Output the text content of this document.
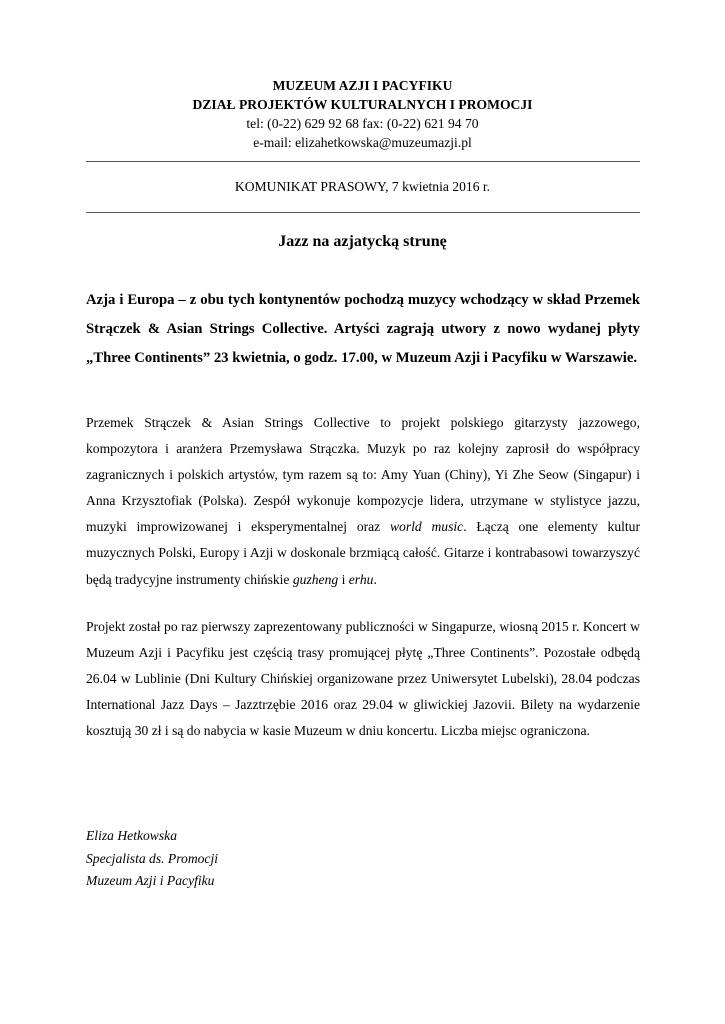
MUZEUM AZJI I PACYFIKU
DZIAŁ PROJEKTÓW KULTURALNYCH I PROMOCJI
tel: (0-22) 629 92 68 fax: (0-22) 621 94 70
e-mail: elizahetkowska@muzeumazji.pl
KOMUNIKAT PRASOWY, 7 kwietnia 2016 r.
Jazz na azjatycką strunę
Azja i Europa – z obu tych kontynentów pochodzą muzycy wchodzący w skład Przemek Strączek & Asian Strings Collective. Artyści zagrają utwory z nowo wydanej płyty „Three Continents” 23 kwietnia, o godz. 17.00, w Muzeum Azji i Pacyfiku w Warszawie.
Przemek Strączek & Asian Strings Collective to projekt polskiego gitarzysty jazzowego, kompozytora i aranżera Przemysława Strączka. Muzyk po raz kolejny zaprosił do współpracy zagranicznych i polskich artystów, tym razem są to: Amy Yuan (Chiny), Yi Zhe Seow (Singapur) i Anna Krzysztofiak (Polska). Zespół wykonuje kompozycje lidera, utrzymane w stylistyce jazzu, muzyki improwizowanej i eksperymentalnej oraz world music. Łączą one elementy kultur muzycznych Polski, Europy i Azji w doskonale brzmiącą całość. Gitarze i kontrabasowi towarzyszyć będą tradycyjne instrumenty chińskie guzheng i erhu.
Projekt został po raz pierwszy zaprezentowany publiczności w Singapurze, wiosną 2015 r. Koncert w Muzeum Azji i Pacyfiku jest częścią trasy promującej płytę „Three Continents”. Pozostałe odbędą 26.04 w Lublinie (Dni Kultury Chińskiej organizowane przez Uniwersytet Lubelski), 28.04 podczas International Jazz Days – Jazztrzębie 2016 oraz 29.04 w gliwickiej Jazovii. Bilety na wydarzenie kosztują 30 zł i są do nabycia w kasie Muzeum w dniu koncertu. Liczba miejsc ograniczona.
Eliza Hetkowska
Specjalista ds. Promocji
Muzeum Azji i Pacyfiku
